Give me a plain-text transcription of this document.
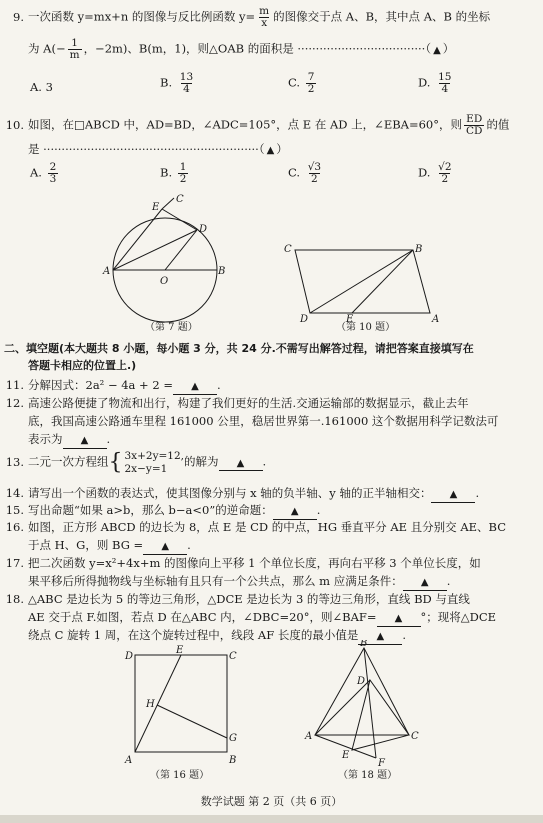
9. 一次函数 y=mx+n 的图像与反比例函数 $y= \frac{m}{x}$ 的图像交于点 A、B，其中点 A、B 的坐标
为 $A(- \frac{1}{m}$ ，−2m)、B(m，1)，则△OAB 的面积是 ···································（ ▲ ）
A. 3	B. $\frac{13}{4}$	C. $\frac{7}{2}$	D. $\frac{15}{4}$
10. 如图，在□ABCD 中，AD=BD，∠ADC=105°，点 E 在 AD 上，∠EBA=60°，则 $\frac{ED}{CD}$ 的值
是 ···························································（ ▲ ）
A. $\frac{2}{3}$	B. $\frac{1}{2}$	C. $\frac{√3}{2}$	D. $\frac{√2}{2}$
E
C
D
A
O
B
（第 7 题）
C	B
D	E	A
（第 10 题）
二、填空题(本大题共 8 小题，每小题 3 分，共 24 分.不需写出解答过程，请把答案直接填写在
答题卡相应的位置上.)
11. 分解因式：2a² − 4a + 2 = ▲ .
12. 高速公路便捷了物流和出行，构建了我们更好的生活.交通运输部的数据显示，截止去年
底，我国高速公路通车里程 161000 公里，稳居世界第一.161000 这个数据用科学记数法可
表示为 ▲ .
13. 二元一次方程组{ 3x+2y=12,
2x−y=1	的解为 ▲ .
14. 请写出一个函数的表达式，使其图像分别与 x 轴的负半轴、y 轴的正半轴相交： ▲ .
15. 写出命题“如果 a>b，那么 b−a<0”的逆命题： ▲ .
16. 如图，正方形 ABCD 的边长为 8，点 E 是 CD 的中点，HG 垂直平分 AE 且分别交 AE、BC
于点 H、G，则 BG = ▲ .
17. 把二次函数 y=x²+4x+m 的图像向上平移 1 个单位长度，再向右平移 3 个单位长度，如
果平移后所得抛物线与坐标轴有且只有一个公共点，那么 m 应满足条件： ▲ .
18. △ABC 是边长为 5 的等边三角形，△DCE 是边长为 3 的等边三角形，直线 BD 与直线
AE 交于点 F.如图，若点 D 在△ABC 内，∠DBC=20°，则∠BAF= ▲ °；现将△DCE
绕点 C 旋转 1 周，在这个旋转过程中，线段 AF 长度的最小值是 ▲ .
D
E
C
H
G
A	B
（第 16 题）
B
D
A	C
E
F
（第 18 题）
数学试题 第 2 页（共 6 页）
